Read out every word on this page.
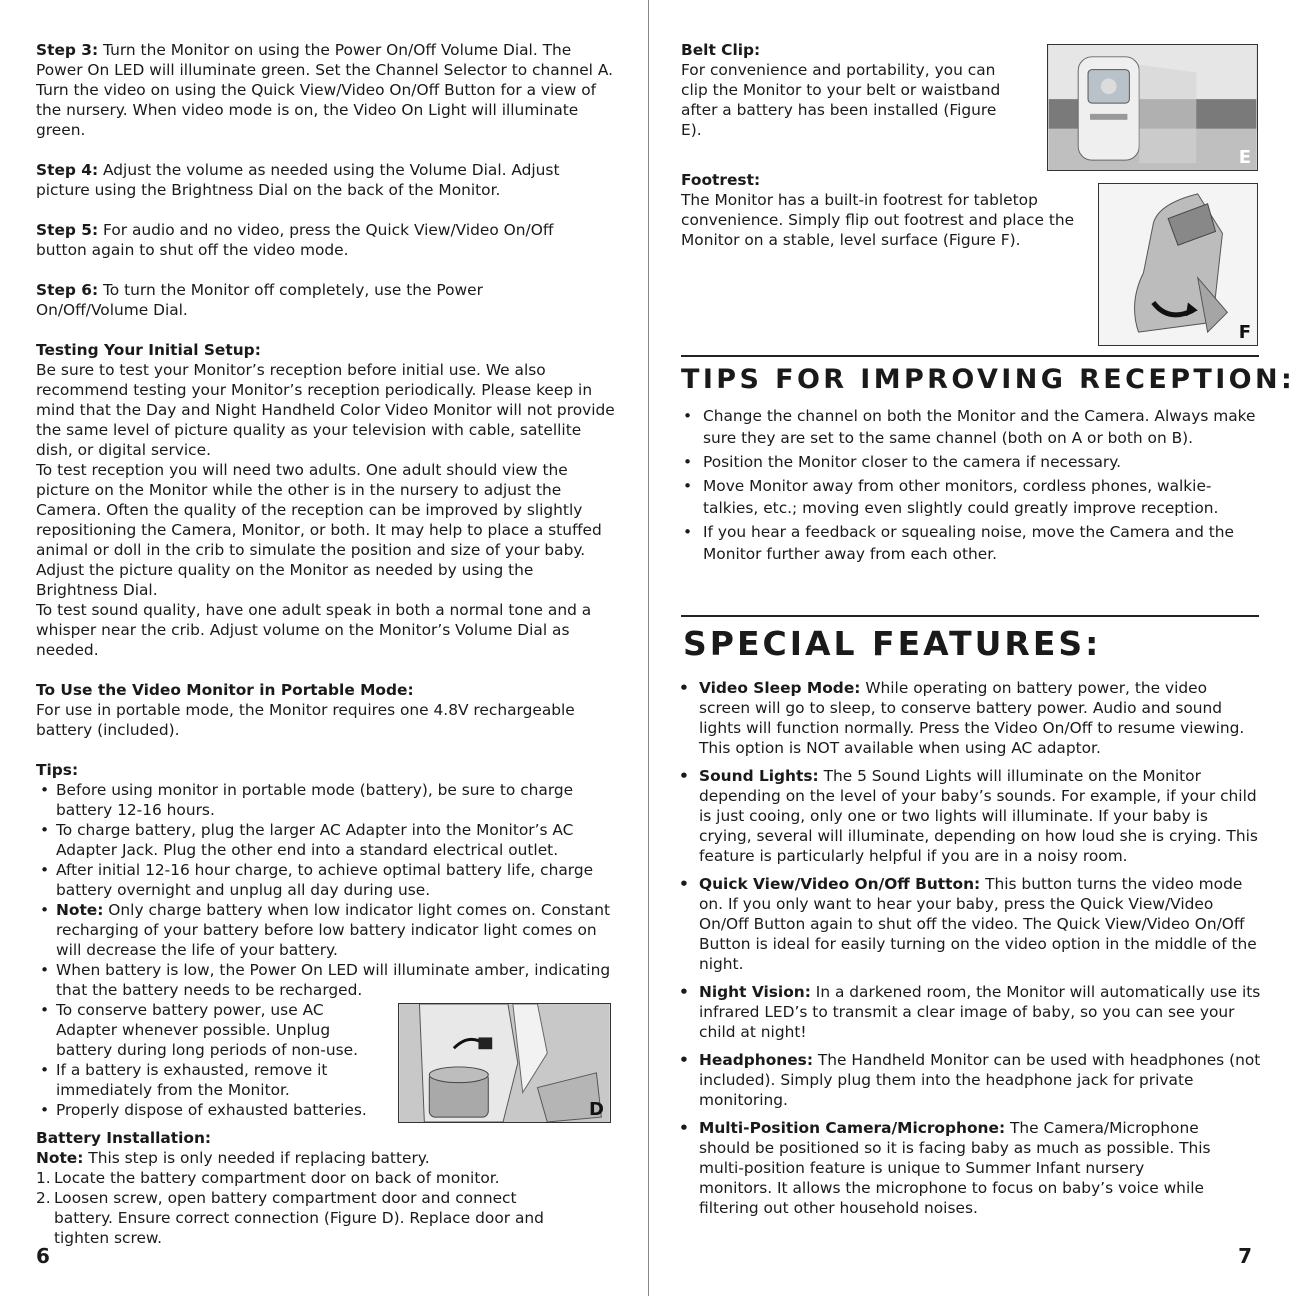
Step 3: Turn the Monitor on using the Power On/Off Volume Dial. The Power On LED will illuminate green. Set the Channel Selector to channel A. Turn the video on using the Quick View/Video On/Off Button for a view of the nursery. When video mode is on, the Video On Light will illuminate green.

Step 4: Adjust the volume as needed using the Volume Dial. Adjust picture using the Brightness Dial on the back of the Monitor.

Step 5: For audio and no video, press the Quick View/Video On/Off button again to shut off the video mode.

Step 6: To turn the Monitor off completely, use the Power On/Off/Volume Dial.

Testing Your Initial Setup:

Be sure to test your Monitor’s reception before initial use. We also recommend testing your Monitor’s reception periodically. Please keep in mind that the Day and Night Handheld Color Video Monitor will not provide the same level of picture quality as your television with cable, satellite dish, or digital service.

To test reception you will need two adults. One adult should view the picture on the Monitor while the other is in the nursery to adjust the Camera. Often the quality of the reception can be improved by slightly repositioning the Camera, Monitor, or both. It may help to place a stuffed animal or doll in the crib to simulate the position and size of your baby. Adjust the picture quality on the Monitor as needed by using the Brightness Dial.

To test sound quality, have one adult speak in both a normal tone and a whisper near the crib. Adjust volume on the Monitor’s Volume Dial as needed.

To Use the Video Monitor in Portable Mode:

For use in portable mode, the Monitor requires one 4.8V rechargeable battery (included).

Tips:
• Before using monitor in portable mode (battery), be sure to charge battery 12-16 hours.
• To charge battery, plug the larger AC Adapter into the Monitor’s AC Adapter Jack. Plug the other end into a standard electrical outlet.
• After initial 12-16 hour charge, to achieve optimal battery life, charge battery overnight and unplug all day during use.
• Note: Only charge battery when low indicator light comes on. Constant recharging of your battery before low battery indicator light comes on will decrease the life of your battery.
• When battery is low, the Power On LED will illuminate amber, indicating that the battery needs to be recharged.
• To conserve battery power, use AC Adapter whenever possible. Unplug battery during long periods of non-use.
• If a battery is exhausted, remove it immediately from the Monitor.
• Properly dispose of exhausted batteries.
Battery Installation:

Note: This step is only needed if replacing battery.

1. Locate the battery compartment door on back of monitor.
2. Loosen screw, open battery compartment door and connect battery. Ensure correct connection (Figure D). Replace door and tighten screw.
D
6
Belt Clip:

For convenience and portability, you can clip the Monitor to your belt or waistband after a battery has been installed (Figure E).

E
Footrest:

The Monitor has a built-in footrest for tabletop convenience. Simply flip out footrest and place the Monitor on a stable, level surface (Figure F).

F
TIPS FOR IMPROVING RECEPTION:
• Change the channel on both the Monitor and the Camera. Always make sure they are set to the same channel (both on A or both on B).
• Position the Monitor closer to the camera if necessary.
• Move Monitor away from other monitors, cordless phones, walkie-talkies, etc.; moving even slightly could greatly improve reception.
• If you hear a feedback or squealing noise, move the Camera and the Monitor further away from each other.
SPECIAL FEATURES:
• Video Sleep Mode: While operating on battery power, the video screen will go to sleep, to conserve battery power. Audio and sound lights will function normally. Press the Video On/Off to resume viewing. This option is NOT available when using AC adaptor.
• Sound Lights: The 5 Sound Lights will illuminate on the Monitor depending on the level of your baby’s sounds. For example, if your child is just cooing, only one or two lights will illuminate. If your baby is crying, several will illuminate, depending on how loud she is crying. This feature is particularly helpful if you are in a noisy room.
• Quick View/Video On/Off Button: This button turns the video mode on. If you only want to hear your baby, press the Quick View/Video On/Off Button again to shut off the video. The Quick View/Video On/Off Button is ideal for easily turning on the video option in the middle of the night.
• Night Vision: In a darkened room, the Monitor will automatically use its infrared LED’s to transmit a clear image of baby, so you can see your child at night!
• Headphones: The Handheld Monitor can be used with headphones (not included). Simply plug them into the headphone jack for private monitoring.
• Multi-Position Camera/Microphone: The Camera/Microphone should be positioned so it is facing baby as much as possible. This multi-position feature is unique to Summer Infant nursery monitors. It allows the microphone to focus on baby’s voice while filtering out other household noises.
7
